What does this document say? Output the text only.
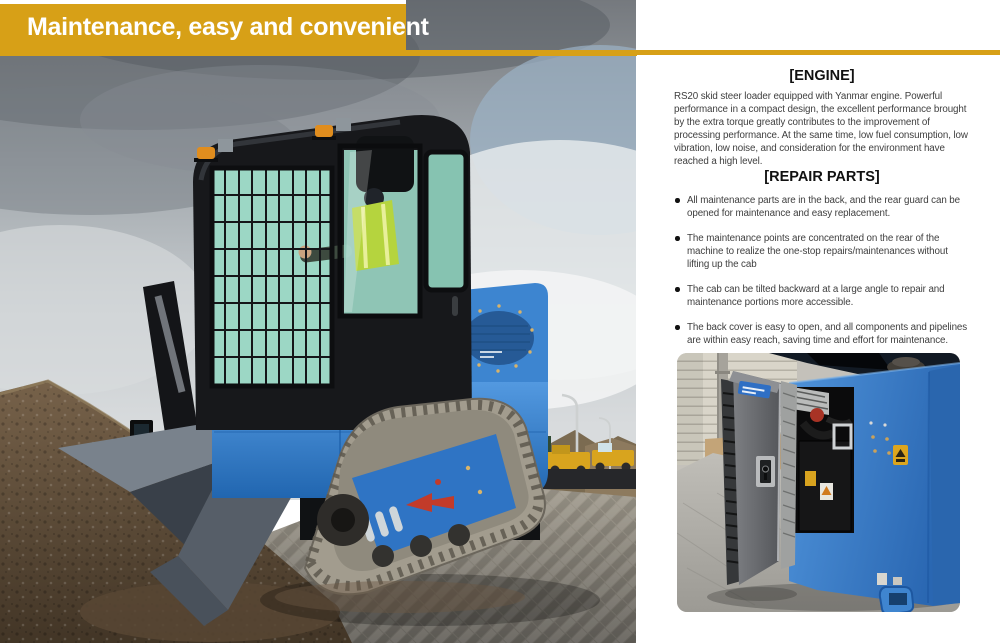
Maintenance, easy and convenient
[ENGINE]

RS20 skid steer loader equipped with Yanmar engine. Powerful performance in a compact design, the excellent performance brought by the extra torque greatly contributes to the improvement of processing performance. At the same time, low fuel consumption, low vibration, low noise, and consideration for the environment have reached a high level.

[REPAIR PARTS]
All maintenance parts are in the back, and the rear guard can be opened for maintenance and easy replacement.
The maintenance points are concentrated on the rear of the machine to realize the one-stop repairs/maintenances without lifting up the cab
The cab can be tilted backward at a large angle to repair and maintenance portions more accessible.
The back cover is easy to open, and all components and pipelines are within easy reach, saving time and effort for maintenance.
